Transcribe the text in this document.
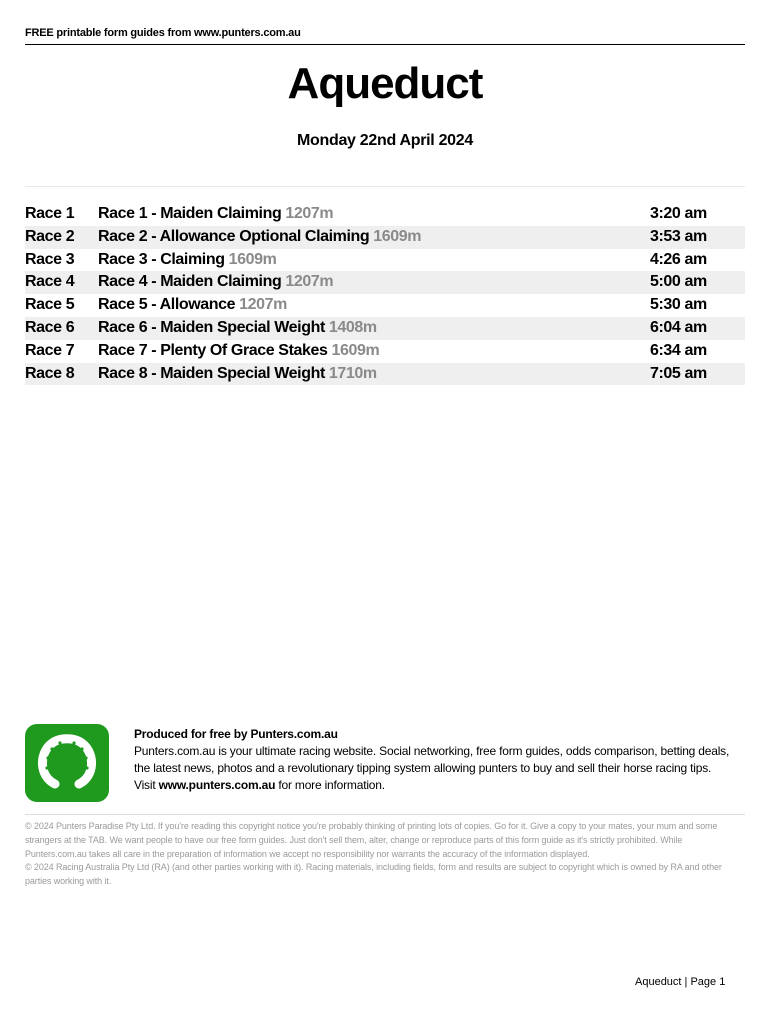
FREE printable form guides from www.punters.com.au
Aqueduct
Monday 22nd April 2024
Race 1 Race 1 - Maiden Claiming 1207m	3:20 am
Race 2 Race 2 - Allowance Optional Claiming 1609m	3:53 am
Race 3 Race 3 - Claiming 1609m	4:26 am
Race 4 Race 4 - Maiden Claiming 1207m	5:00 am
Race 5 Race 5 - Allowance 1207m	5:30 am
Race 6 Race 6 - Maiden Special Weight 1408m	6:04 am
Race 7 Race 7 - Plenty Of Grace Stakes 1609m	6:34 am
Race 8 Race 8 - Maiden Special Weight 1710m	7:05 am
Produced for free by Punters.com.au
Punters.com.au is your ultimate racing website. Social networking, free form guides, odds comparison, betting deals, the latest news, photos and a revolutionary tipping system allowing punters to buy and sell their horse racing tips.
Visit www.punters.com.au for more information.

© 2024 Punters Paradise Pty Ltd. If you're reading this copyright notice you're probably thinking of printing lots of copies. Go for it. Give a copy to your mates, your mum and some strangers at the TAB. We want people to have our free form guides. Just don't sell them, alter, change or reproduce parts of this form guide as it's strictly prohibited. While Punters.com.au takes all care in the preparation of information we accept no responsibility nor warrants the accuracy of the information displayed.

© 2024 Racing Australia Pty Ltd (RA) (and other parties working with it). Racing materials, including fields, form and results are subject to copyright which is owned by RA and other parties working with it.

Aqueduct | Page 1
